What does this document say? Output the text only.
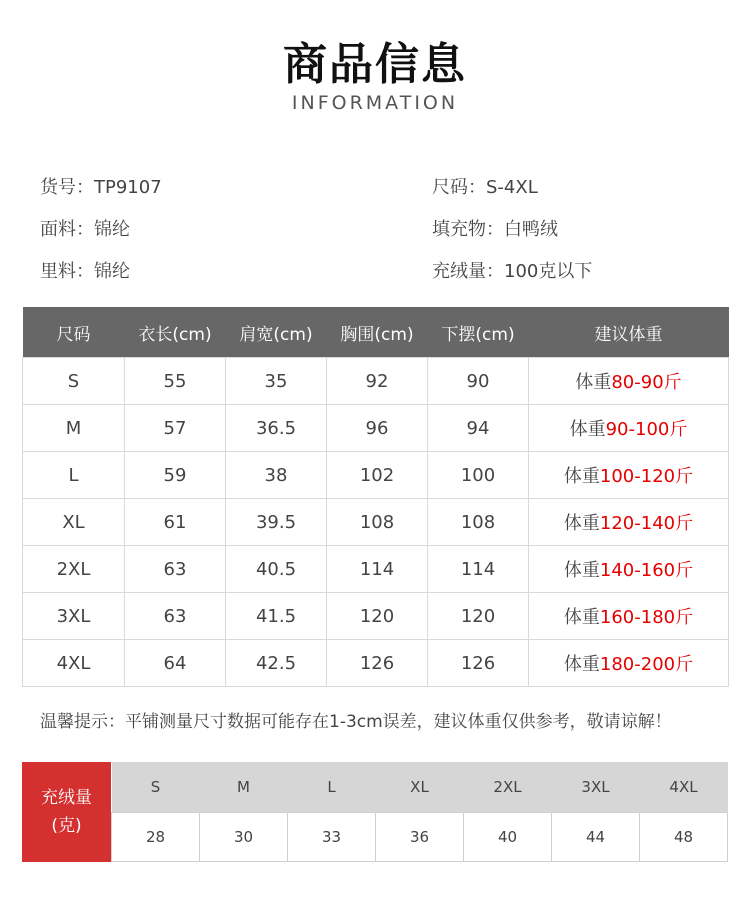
商品信息
INFORMATION
货号：TP9107	尺码：S-4XL
面料：锦纶	填充物：白鸭绒
里料：锦纶	充绒量：100克以下
尺码	衣长(cm)	肩宽(cm)	胸围(cm)	下摆(cm)	建议体重
S	55	35	92	90	体重80-90斤
M	57	36.5	96	94	体重90-100斤
L	59	38	102	100	体重100-120斤
XL	61	39.5	108	108	体重120-140斤
2XL	63	40.5	114	114	体重140-160斤
3XL	63	41.5	120	120	体重160-180斤
4XL	64	42.5	126	126	体重180-200斤
温馨提示：平铺测量尺寸数据可能存在1-3cm误差，建议体重仅供参考，敬请谅解！
充绒量
(克)
S	M	L	XL	2XL	3XL	4XL
28	30	33	36	40	44	48
